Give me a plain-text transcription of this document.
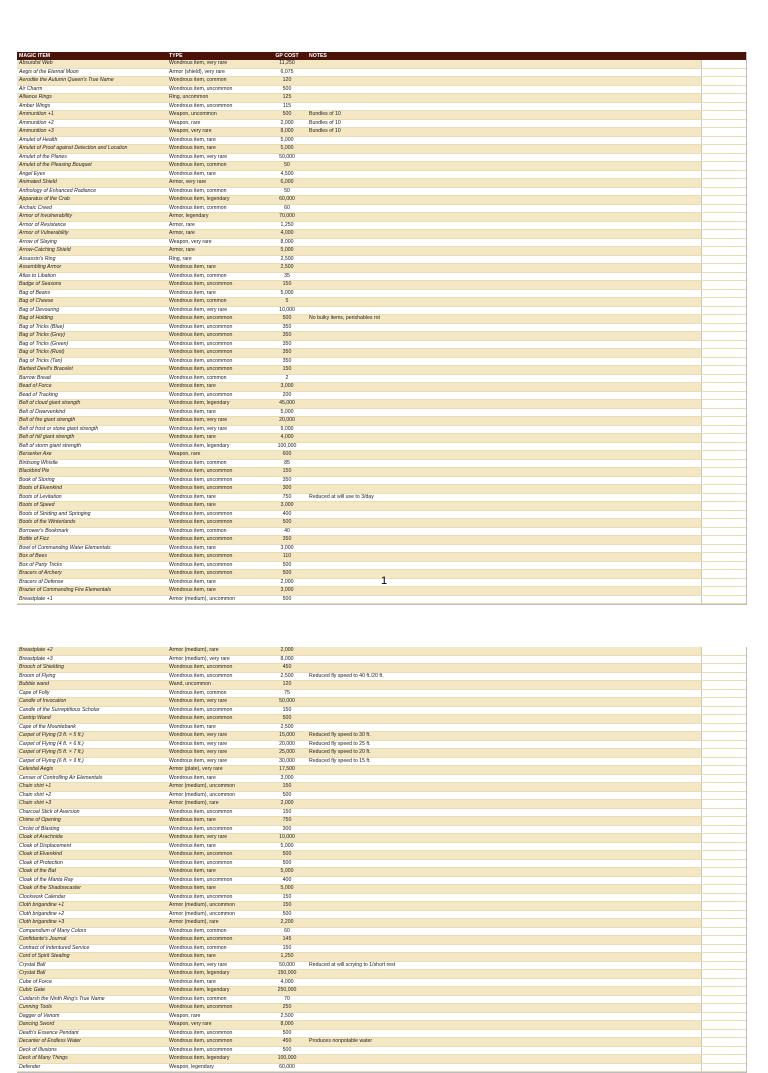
MAGIC ITEM	TYPE	GP COST	NOTES	
Absurdist Web	Wondrous item, very rare	11,250		
Aegis of the Eternal Moon	Armor (shield), very rare	6,075		
Aerodite the Autumn Queen's True Name	Wondrous item, common	120		
Air Charm	Wondrous item, uncommon	500		
Alliance Rings	Ring, uncommon	125		
Amber Wings	Wondrous item, uncommon	115		
Ammunition +1	Weapon, uncommon	500	Bundles of 10	
Ammunition +2	Weapon, rare	2,000	Bundles of 10	
Ammunition +3	Weapon, very rare	8,000	Bundles of 10	
Amulet of Health	Wondrous item, rare	5,000		
Amulet of Proof against Detection and Location	Wondrous item, rare	5,000		
Amulet of the Planes	Wondrous item, very rare	50,000		
Amulet of the Pleasing Bouquet	Wondrous item, common	50		
Angel Eyes	Wondrous item, rare	4,500		
Animated Shield	Armor, very rare	6,000		
Anthology of Enhanced Radiance	Wondrous item, common	50		
Apparatus of the Crab	Wondrous item, legendary	60,000		
Archaic Creed	Wondrous item, common	60		
Armor of Invulnerability	Armor, legendary	70,000		
Armor of Resistance	Armor, rare	1,250		
Armor of Vulnerability	Armor, rare	4,000		
Arrow of Slaying	Weapon, very rare	8,000		
Arrow-Catching Shield	Armor, rare	5,000		
Assassin's Ring	Ring, rare	2,500		
Assembling Armor	Wondrous item, rare	2,500		
Atlas to Libation	Wondrous item, common	35		
Badge of Seasons	Wondrous item, uncommon	150		
Bag of Beans	Wondrous item, rare	5,000		
Bag of Cheese	Wondrous item, common	5		
Bag of Devouring	Wondrous item, very rare	10,000		
Bag of Holding	Wondrous item, uncommon	500	No bulky items, perishables rot	
Bag of Tricks (Blue)	Wondrous item, uncommon	350		
Bag of Tricks (Grey)	Wondrous item, uncommon	350		
Bag of Tricks (Green)	Wondrous item, uncommon	350		
Bag of Tricks (Rust)	Wondrous item, uncommon	350		
Bag of Tricks (Tan)	Wondrous item, uncommon	350		
Barbed Devil's Bracelet	Wondrous item, uncommon	150		
Barrow Bread	Wondrous item, common	2		
Bead of Force	Wondrous item, rare	3,000		
Bead of Tracking	Wondrous item, uncommon	200		
Belt of cloud giant strength	Wondrous item, legendary	45,000		
Belt of Dwarvenkind	Wondrous item, rare	5,000		
Belt of fire giant strength	Wondrous item, very rare	20,000		
Belt of frost or stone giant strength	Wondrous item, very rare	9,000		
Belt of hill giant strength	Wondrous item, rare	4,000		
Belt of storm giant strength	Wondrous item, legendary	100,000		
Berserker Axe	Weapon, rare	600		
Birdsong Whistle	Wondrous item, common	85		
Blackbird Pie	Wondrous item, uncommon	150		
Book of Storing	Wondrous item, uncommon	350		
Boots of Elvenkind	Wondrous item, uncommon	300		
Boots of Levitation	Wondrous item, rare	750	Reduced at will use to 3/day	
Boots of Speed	Wondrous item, rare	3,000		
Boots of Striding and Springing	Wondrous item, uncommon	400		
Boots of the Winterlands	Wondrous item, uncommon	500		
Borrower's Bookmark	Wondrous item, common	40		
Bottle of Fizz	Wondrous item, uncommon	350		
Bowl of Commanding Water Elementals	Wondrous item, rare	3,000		
Box of Bees	Wondrous item, uncommon	110		
Box of Party Tricks	Wondrous item, uncommon	500		
Bracers of Archery	Wondrous item, uncommon	500		
Bracers of Defense	Wondrous item, rare	2,000		
Brazier of Commanding Fire Elementals	Wondrous item, rare	3,000		
Breastplate +1	Armor (medium), uncommon	500		
1
Breastplate +2	Armor (medium), rare	2,000		
Breastplate +3	Armor (medium), very rare	8,000		
Brooch of Shielding	Wondrous item, uncommon	450		
Broom of Flying	Wondrous item, uncommon	2,500	Reduced fly speed to 40 ft./20 ft.	
Bubble wand	Wand, uncommon	120		
Cape of Folly	Wondrous item, common	75		
Candle of Invocation	Wondrous item, very rare	50,000		
Candle of the Surreptitious Scholar	Wondrous item, uncommon	150		
Cantrip Wand	Wondrous item, uncommon	500		
Cape of the Mountebank	Wondrous item, rare	2,500		
Carpet of Flying (3 ft. × 5 ft.)	Wondrous item, very rare	15,000	Reduced fly speed to 30 ft.	
Carpet of Flying (4 ft. × 6 ft.)	Wondrous item, very rare	20,000	Reduced fly speed to 25 ft.	
Carpet of Flying (5 ft. × 7 ft.)	Wondrous item, very rare	25,000	Reduced fly speed to 20 ft.	
Carpet of Flying (6 ft. × 9 ft.)	Wondrous item, very rare	30,000	Reduced fly speed to 15 ft.	
Celestial Aegis	Armor (plate), very rare	17,500		
Censer of Controlling Air Elementals	Wondrous item, rare	3,000		
Chain shirt +1	Armor (medium), uncommon	150		
Chain shirt +2	Armor (medium), uncommon	500		
Chain shirt +3	Armor (medium), rare	2,000		
Charcoal Stick of Aversion	Wondrous item, uncommon	150		
Chime of Opening	Wondrous item, rare	750		
Circlet of Blasting	Wondrous item, uncommon	300		
Cloak of Arachnida	Wondrous item, very rare	10,000		
Cloak of Displacement	Wondrous item, rare	5,000		
Cloak of Elvenkind	Wondrous item, uncommon	500		
Cloak of Protection	Wondrous item, uncommon	500		
Cloak of the Bat	Wondrous item, rare	5,000		
Cloak of the Manta Ray	Wondrous item, uncommon	400		
Cloak of the Shadowcaster	Wondrous item, rare	5,000		
Clockwork Calendar	Wondrous item, uncommon	150		
Cloth brigandine +1	Armor (medium), uncommon	150		
Cloth brigandine +2	Armor (medium), uncommon	500		
Cloth brigandine +3	Armor (medium), rare	2,200		
Compendium of Many Colors	Wondrous item, common	60		
Confidante's Journal	Wondrous item, uncommon	145		
Contract of Indentured Service	Wondrous item, common	150		
Cord of Spirit Stealing	Wondrous item, rare	1,250		
Crystal Ball	Wondrous item, very rare	50,000	Reduced at will scrying to 1/short rest	
Crystal Ball	Wondrous item, legendary	150,000		
Cube of Force	Wondrous item, rare	4,000		
Cubic Gate	Wondrous item, legendary	250,000		
Cuidarsh the Ninth Ring's True Name	Wondrous item, common	70		
Cunning Tools	Wondrous item, uncommon	250		
Dagger of Venom	Weapon, rare	2,500		
Dancing Sword	Weapon, very rare	8,000		
Death's Essence Pendant	Wondrous item, uncommon	500		
Decanter of Endless Water	Wondrous item, uncommon	450	Produces nonpotable water	
Deck of Illusions	Wondrous item, uncommon	500		
Deck of Many Things	Wondrous item, legendary	100,000		
Defender	Weapon, legendary	60,000		
